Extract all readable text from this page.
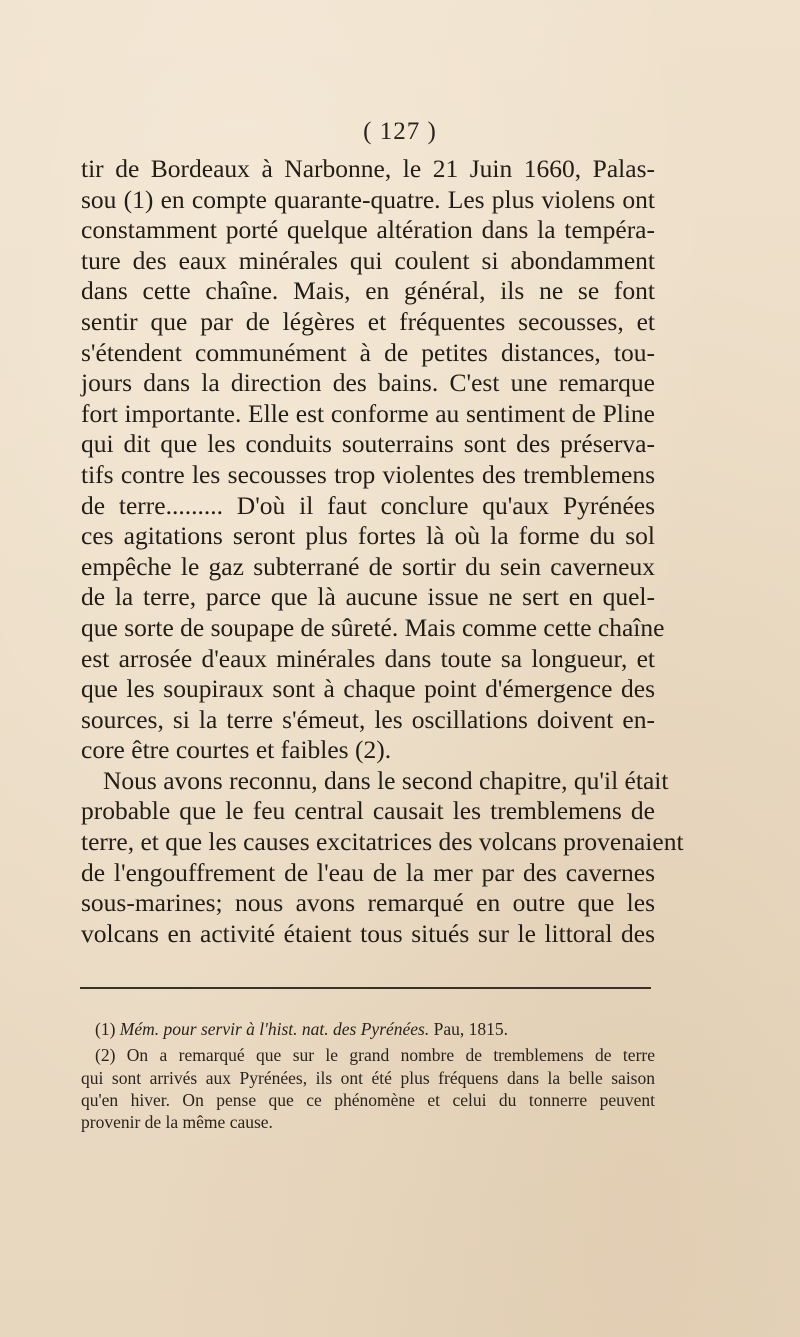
( 127 )
tir de Bordeaux à Narbonne, le 21 Juin 1660, Palas-
sou (1) en compte quarante-quatre. Les plus violens ont
constamment porté quelque altération dans la tempéra-
ture des eaux minérales qui coulent si abondamment
dans cette chaîne. Mais, en général, ils ne se font
sentir que par de légères et fréquentes secousses, et
s'étendent communément à de petites distances, tou-
jours dans la direction des bains. C'est une remarque
fort importante. Elle est conforme au sentiment de Pline
qui dit que les conduits souterrains sont des préserva-
tifs contre les secousses trop violentes des tremblemens
de terre......... D'où il faut conclure qu'aux Pyrénées
ces agitations seront plus fortes là où la forme du sol
empêche le gaz subterrané de sortir du sein caverneux
de la terre, parce que là aucune issue ne sert en quel-
que sorte de soupape de sûreté. Mais comme cette chaîne
est arrosée d'eaux minérales dans toute sa longueur, et
que les soupiraux sont à chaque point d'émergence des
sources, si la terre s'émeut, les oscillations doivent en-
core être courtes et faibles (2).
Nous avons reconnu, dans le second chapitre, qu'il était
probable que le feu central causait les tremblemens de
terre, et que les causes excitatrices des volcans provenaient
de l'engouffrement de l'eau de la mer par des cavernes
sous-marines; nous avons remarqué en outre que les
volcans en activité étaient tous situés sur le littoral des
(1) Mém. pour servir à l'hist. nat. des Pyrénées. Pau, 1815.
(2) On a remarqué que sur le grand nombre de tremblemens de terre
qui sont arrivés aux Pyrénées, ils ont été plus fréquens dans la belle saison
qu'en hiver. On pense que ce phénomène et celui du tonnerre peuvent
provenir de la même cause.
